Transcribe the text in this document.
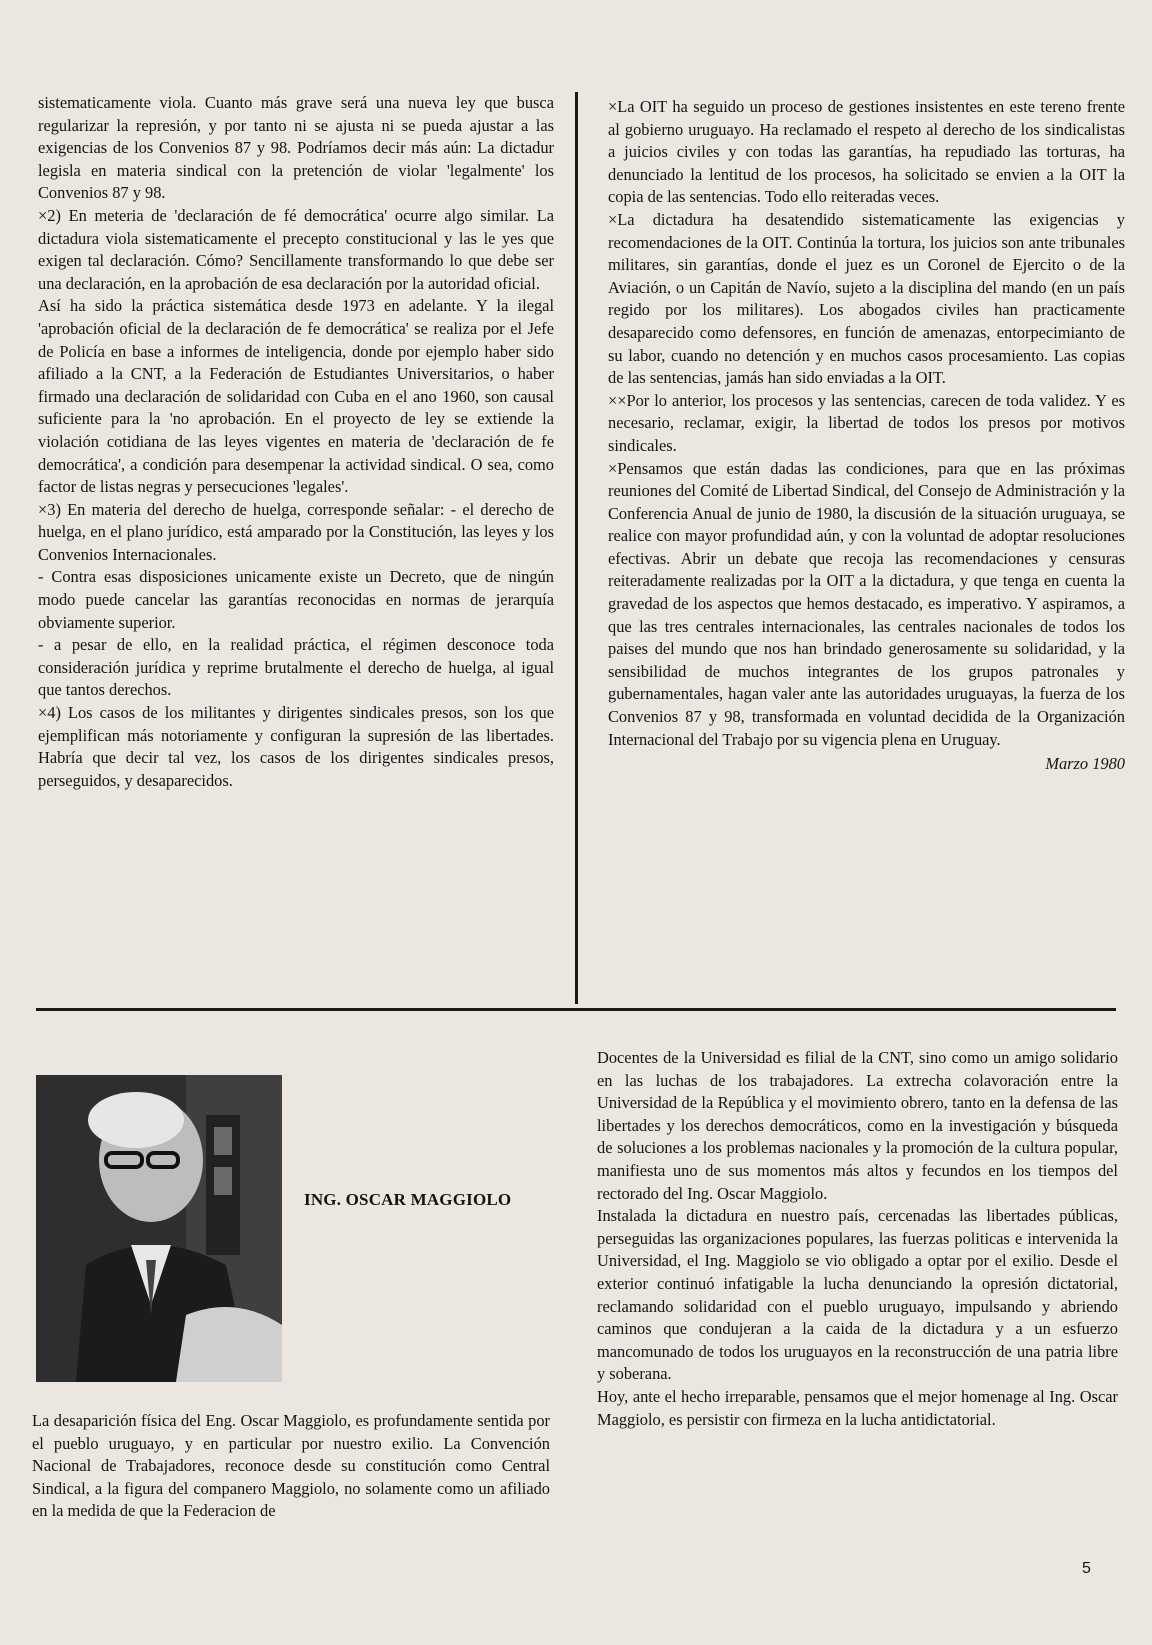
sistematicamente viola. Cuanto más grave será una nueva ley que busca regularizar la represión, y por tanto ni se ajusta ni se pueda ajustar a las exigencias de los Convenios 87 y 98. Podríamos decir más aún: La dictadur legisla en materia sindical con la pretención de violar 'legalmente' los Convenios 87 y 98.

×2) En meteria de 'declaración de fé democrática' ocurre algo similar. La dictadura viola sistematicamente el precepto constitucional y las le yes que exigen tal declaración. Cómo? Sencillamente transformando lo que debe ser una declaración, en la aprobación de esa declaración por la autoridad oficial.

Así ha sido la práctica sistemática desde 1973 en adelante. Y la ilegal 'aprobación oficial de la declaración de fe democrática' se realiza por el Jefe de Policía en base a informes de inteligencia, donde por ejemplo haber sido afiliado a la CNT, a la Federación de Estudiantes Universitarios, o haber firmado una declaración de solidaridad con Cuba en el ano 1960, son causal suficiente para la 'no aprobación. En el proyecto de ley se extiende la violación cotidiana de las leyes vigentes en materia de 'declaración de fe democrática', a condición para desempenar la actividad sindical. O sea, como factor de listas negras y persecuciones 'legales'.

×3) En materia del derecho de huelga, corresponde señalar: - el derecho de huelga, en el plano jurídico, está amparado por la Constitución, las leyes y los Convenios Internacionales.

- Contra esas disposiciones unicamente existe un Decreto, que de ningún modo puede cancelar las garantías reconocidas en normas de jerarquía obviamente superior.

- a pesar de ello, en la realidad práctica, el régimen desconoce toda consideración jurídica y reprime brutalmente el derecho de huelga, al igual que tantos derechos.

×4) Los casos de los militantes y dirigentes sindicales presos, son los que ejemplifican más notoriamente y configuran la supresión de las libertades. Habría que decir tal vez, los casos de los dirigentes sindicales presos, perseguidos, y desaparecidos.

×La OIT ha seguido un proceso de gestiones insistentes en este tereno frente al gobierno uruguayo. Ha reclamado el respeto al derecho de los sindicalistas a juicios civiles y con todas las garantías, ha repudiado las torturas, ha denunciado la lentitud de los procesos, ha solicitado se envien a la OIT la copia de las sentencias. Todo ello reiteradas veces.

×La dictadura ha desatendido sistematicamente las exigencias y recomendaciones de la OIT. Continúa la tortura, los juicios son ante tribunales militares, sin garantías, donde el juez es un Coronel de Ejercito o de la Aviación, o un Capitán de Navío, sujeto a la disciplina del mando (en un país regido por los militares). Los abogados civiles han practicamente desaparecido como defensores, en función de amenazas, entorpecimianto de su labor, cuando no detención y en muchos casos procesamiento. Las copias de las sentencias, jamás han sido enviadas a la OIT.

××Por lo anterior, los procesos y las sentencias, carecen de toda validez. Y es necesario, reclamar, exigir, la libertad de todos los presos por motivos sindicales.

×Pensamos que están dadas las condiciones, para que en las próximas reuniones del Comité de Libertad Sindical, del Consejo de Administración y la Conferencia Anual de junio de 1980, la discusión de la situación uruguaya, se realice con mayor profundidad aún, y con la voluntad de adoptar resoluciones efectivas. Abrir un debate que recoja las recomendaciones y censuras reiteradamente realizadas por la OIT a la dictadura, y que tenga en cuenta la gravedad de los aspectos que hemos destacado, es imperativo. Y aspiramos, a que las tres centrales internacionales, las centrales nacionales de todos los paises del mundo que nos han brindado generosamente su solidaridad, y la sensibilidad de muchos integrantes de los grupos patronales y gubernamentales, hagan valer ante las autoridades uruguayas, la fuerza de los Convenios 87 y 98, transformada en voluntad decidida de la Organización Internacional del Trabajo por su vigencia plena en Uruguay.

Marzo 1980

ING. OSCAR MAGGIOLO

La desaparición física del Eng. Oscar Maggiolo, es profundamente sentida por el pueblo uruguayo, y en particular por nuestro exilio. La Convención Nacional de Trabajadores, reconoce desde su constitución como Central Sindical, a la figura del companero Maggiolo, no solamente como un afiliado en la medida de que la Federacion de

Docentes de la Universidad es filial de la CNT, sino como un amigo solidario en las luchas de los trabajadores. La extrecha colavoración entre la Universidad de la República y el movimiento obrero, tanto en la defensa de las libertades y los derechos democráticos, como en la investigación y búsqueda de soluciones a los problemas nacionales y la promoción de la cultura popular, manifiesta uno de sus momentos más altos y fecundos en los tiempos del rectorado del Ing. Oscar Maggiolo.

Instalada la dictadura en nuestro país, cercenadas las libertades públicas, perseguidas las organizaciones populares, las fuerzas politicas e intervenida la Universidad, el Ing. Maggiolo se vio obligado a optar por el exilio. Desde el exterior continuó infatigable la lucha denunciando la opresión dictatorial, reclamando solidaridad con el pueblo uruguayo, impulsando y abriendo caminos que condujeran a la caida de la dictadura y a un esfuerzo mancomunado de todos los uruguayos en la reconstrucción de una patria libre y soberana.

Hoy, ante el hecho irreparable, pensamos que el mejor homenage al Ing. Oscar Maggiolo, es persistir con firmeza en la lucha antidictatorial.

5
